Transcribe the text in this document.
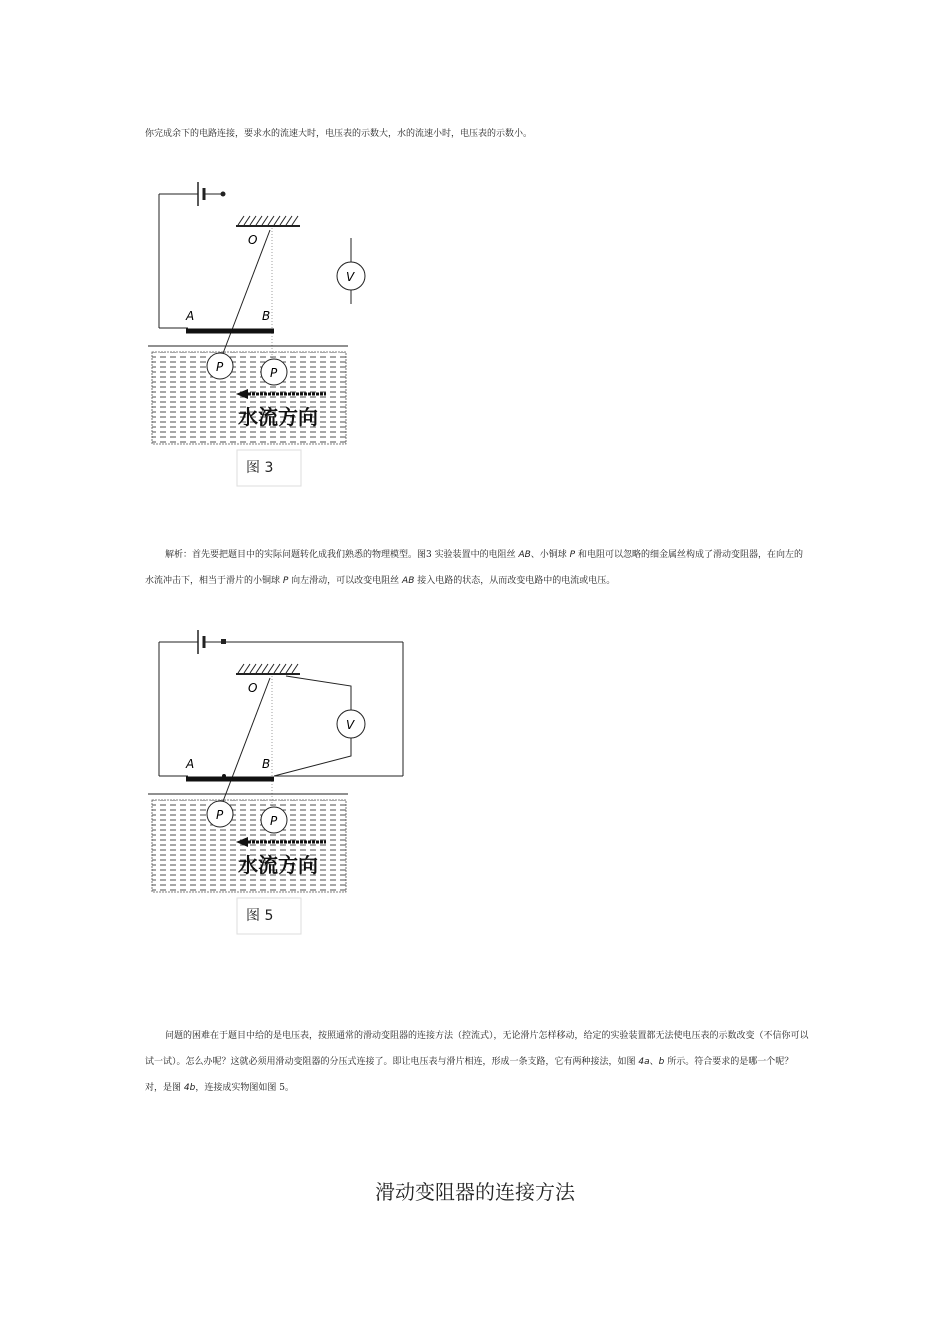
你完成余下的电路连接，要求水的流速大时，电压表的示数大，水的流速小时，电压表的示数小。

O
A	B
V
P	P
水流方向
图 3

解析：首先要把题目中的实际问题转化成我们熟悉的物理模型。图3 实验装置中的电阻丝 AB、小铜球 P 和电阻可以忽略的细金属丝构成了滑动变阻器，在向左的水流冲击下，相当于滑片的小铜球 P 向左滑动，可以改变电阻丝 AB 接入电路的状态，从而改变电路中的电流或电压。

O
V
A	B
P	P
水流方向
图 5

问题的困难在于题目中给的是电压表，按照通常的滑动变阻器的连接方法（控流式），无论滑片怎样移动，给定的实验装置都无法使电压表的示数改变（不信你可以试一试）。怎么办呢？这就必须用滑动变阻器的分压式连接了。即让电压表与滑片相连，形成一条支路，它有两种接法，如图 4a、b 所示。符合要求的是哪一个呢？对，是图 4b，连接成实物图如图 5。

滑动变阻器的连接方法
